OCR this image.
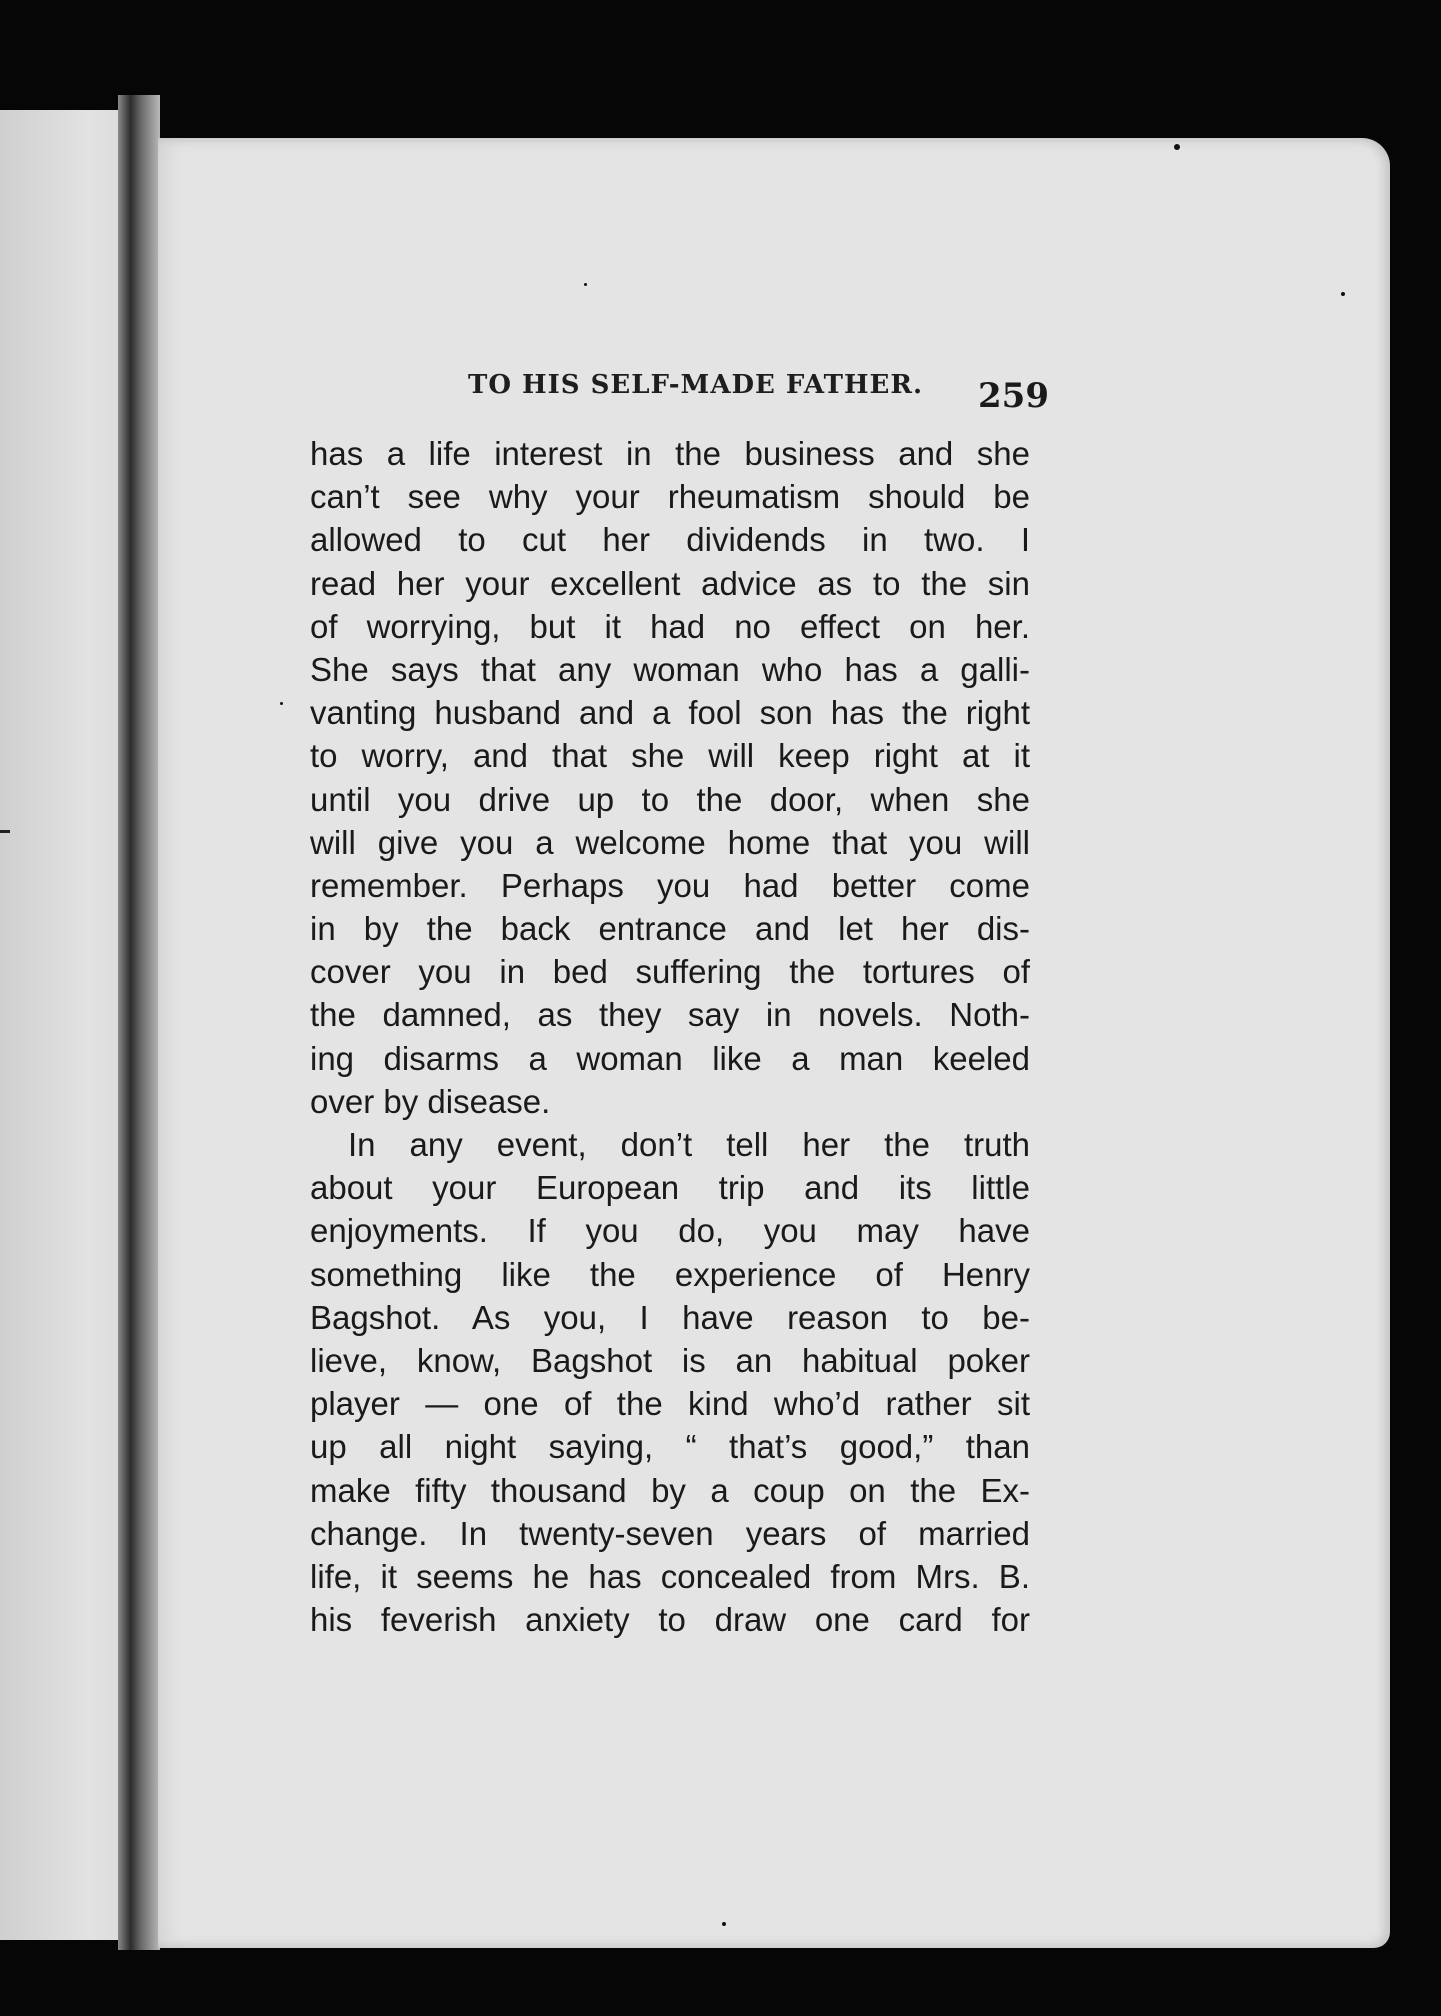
TO HIS SELF-MADE FATHER. 259

has a life interest in the business and she
can’t see why your rheumatism should be
allowed to cut her dividends in two. I
read her your excellent advice as to the sin
of worrying, but it had no effect on her.
She says that any woman who has a galli-
vanting husband and a fool son has the right
to worry, and that she will keep right at it
until you drive up to the door, when she
will give you a welcome home that you will
remember. Perhaps you had better come
in by the back entrance and let her dis-
cover you in bed suffering the tortures of
the damned, as they say in novels. Noth-
ing disarms a woman like a man keeled
over by disease.

In any event, don’t tell her the truth
about your European trip and its little
enjoyments. If you do, you may have
something like the experience of Henry
Bagshot. As you, I have reason to be-
lieve, know, Bagshot is an habitual poker
player — one of the kind who’d rather sit
up all night saying, “ that’s good,” than
make fifty thousand by a coup on the Ex-
change. In twenty-seven years of married
life, it seems he has concealed from Mrs. B.
his feverish anxiety to draw one card for
